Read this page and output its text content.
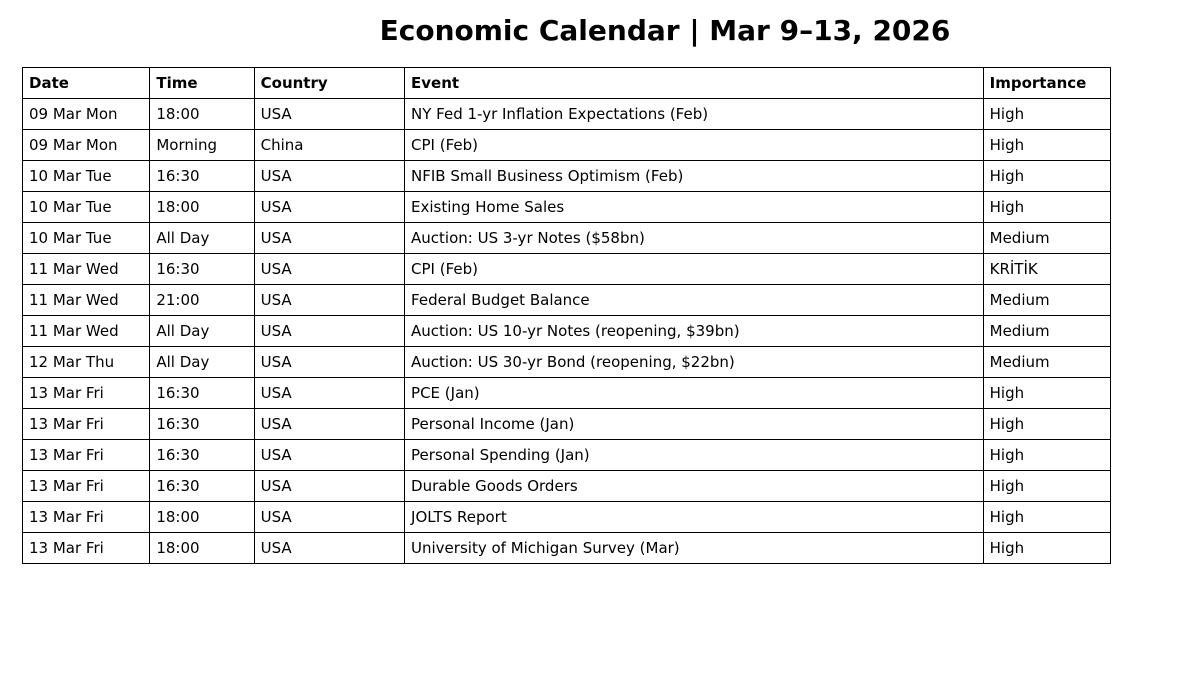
Economic Calendar | Mar 9–13, 2026
Date	Time	Country	Event	Importance
09 Mar Mon	18:00	USA	NY Fed 1-yr Inflation Expectations (Feb)	High
09 Mar Mon	Morning	China	CPI (Feb)	High
10 Mar Tue	16:30	USA	NFIB Small Business Optimism (Feb)	High
10 Mar Tue	18:00	USA	Existing Home Sales	High
10 Mar Tue	All Day	USA	Auction: US 3-yr Notes ($58bn)	Medium
11 Mar Wed	16:30	USA	CPI (Feb)	KRİTİK
11 Mar Wed	21:00	USA	Federal Budget Balance	Medium
11 Mar Wed	All Day	USA	Auction: US 10-yr Notes (reopening, $39bn)	Medium
12 Mar Thu	All Day	USA	Auction: US 30-yr Bond (reopening, $22bn)	Medium
13 Mar Fri	16:30	USA	PCE (Jan)	High
13 Mar Fri	16:30	USA	Personal Income (Jan)	High
13 Mar Fri	16:30	USA	Personal Spending (Jan)	High
13 Mar Fri	16:30	USA	Durable Goods Orders	High
13 Mar Fri	18:00	USA	JOLTS Report	High
13 Mar Fri	18:00	USA	University of Michigan Survey (Mar)	High
